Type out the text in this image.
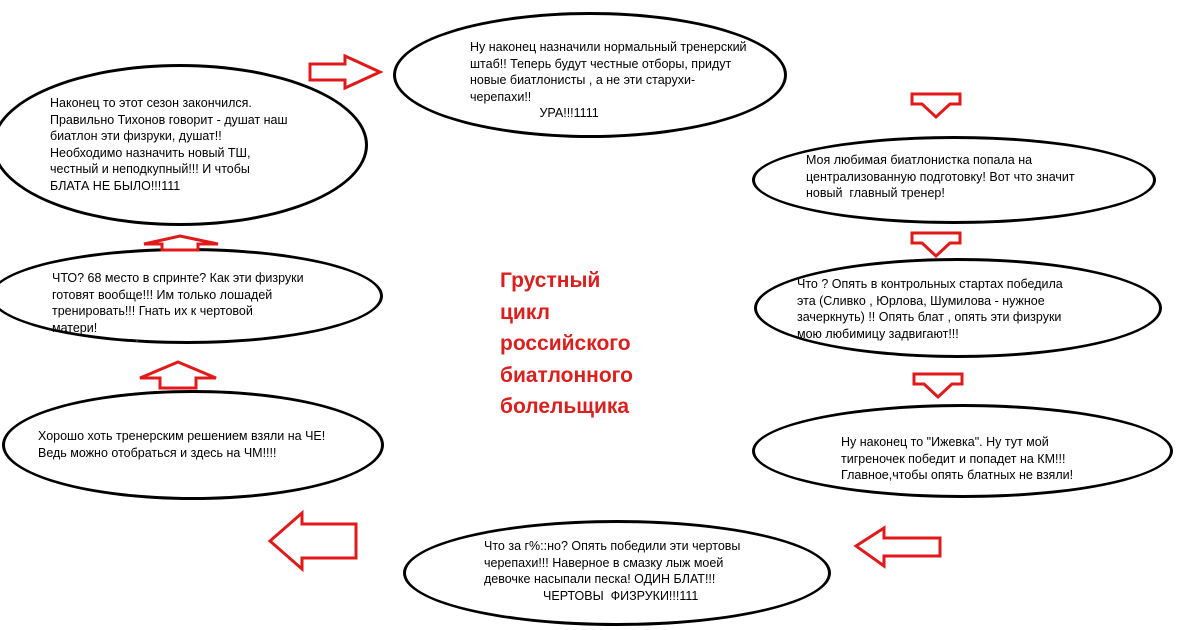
Ну наконец назначили нормальный тренерский
штаб!! Теперь будут честные отборы, придут
новые биатлонисты , а не эти старухи-
черепахи!!
УРА!!!1111
Моя любимая биатлонистка попала на
централизованную подготовку! Вот что значит
новый  главный тренер!
Что ? Опять в контрольных стартах победила
эта (Сливко , Юрлова, Шумилова - нужное
зачеркнуть) !! Опять блат , опять эти физруки
мою любимицу задвигают!!!
Ну наконец то "Ижевка". Ну тут мой
тигреночек победит и попадет на КМ!!!
Главное,чтобы опять блатных не взяли!
Что за г%::но? Опять победили эти чертовы
черепахи!!! Наверное в смазку лыж моей
девочке насыпали песка! ОДИН БЛАТ!!!
ЧЕРТОВЫ  ФИЗРУКИ!!!111
Хорошо хоть тренерским решением взяли на ЧЕ!
Ведь можно отобраться и здесь на ЧМ!!!!
ЧТО? 68 место в спринте? Как эти физруки
готовят вообще!!! Им только лошадей
тренировать!!! Гнать их к чертовой
матери!
Наконец то этот сезон закончился.
Правильно Тихонов говорит - душат наш
биатлон эти физруки, душат!!
Необходимо назначить новый ТШ,
честный и неподкупный!!! И чтобы
БЛАТА НЕ БЫЛО!!!111
Грустный цикл
российского
биатлонного
болельщика
